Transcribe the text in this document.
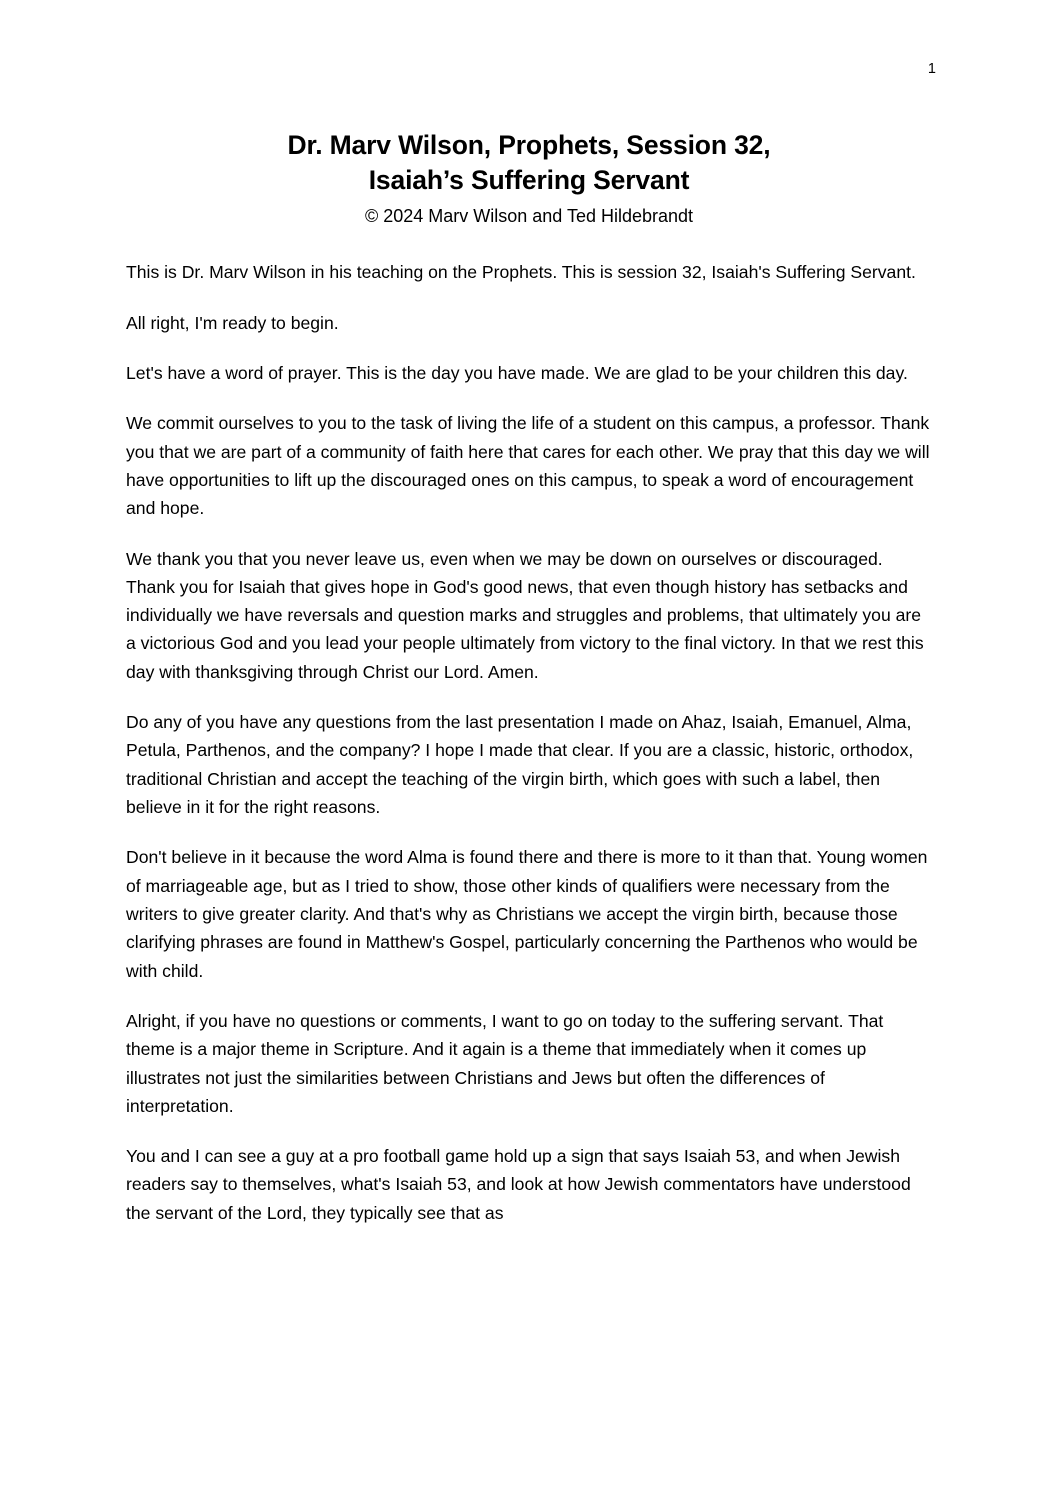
1
Dr. Marv Wilson, Prophets, Session 32,
Isaiah’s Suffering Servant
© 2024 Marv Wilson and Ted Hildebrandt

This is Dr. Marv Wilson in his teaching on the Prophets. This is session 32, Isaiah's Suffering Servant.

All right, I'm ready to begin.

Let's have a word of prayer. This is the day you have made. We are glad to be your children this day.

We commit ourselves to you to the task of living the life of a student on this campus, a professor. Thank you that we are part of a community of faith here that cares for each other. We pray that this day we will have opportunities to lift up the discouraged ones on this campus, to speak a word of encouragement and hope.

We thank you that you never leave us, even when we may be down on ourselves or discouraged. Thank you for Isaiah that gives hope in God's good news, that even though history has setbacks and individually we have reversals and question marks and struggles and problems, that ultimately you are a victorious God and you lead your people ultimately from victory to the final victory. In that we rest this day with thanksgiving through Christ our Lord. Amen.

Do any of you have any questions from the last presentation I made on Ahaz, Isaiah, Emanuel, Alma, Petula, Parthenos, and the company? I hope I made that clear. If you are a classic, historic, orthodox, traditional Christian and accept the teaching of the virgin birth, which goes with such a label, then believe in it for the right reasons.

Don't believe in it because the word Alma is found there and there is more to it than that. Young women of marriageable age, but as I tried to show, those other kinds of qualifiers were necessary from the writers to give greater clarity. And that's why as Christians we accept the virgin birth, because those clarifying phrases are found in Matthew's Gospel, particularly concerning the Parthenos who would be with child.

Alright, if you have no questions or comments, I want to go on today to the suffering servant. That theme is a major theme in Scripture. And it again is a theme that immediately when it comes up illustrates not just the similarities between Christians and Jews but often the differences of interpretation.

You and I can see a guy at a pro football game hold up a sign that says Isaiah 53, and when Jewish readers say to themselves, what's Isaiah 53, and look at how Jewish commentators have understood the servant of the Lord, they typically see that as
